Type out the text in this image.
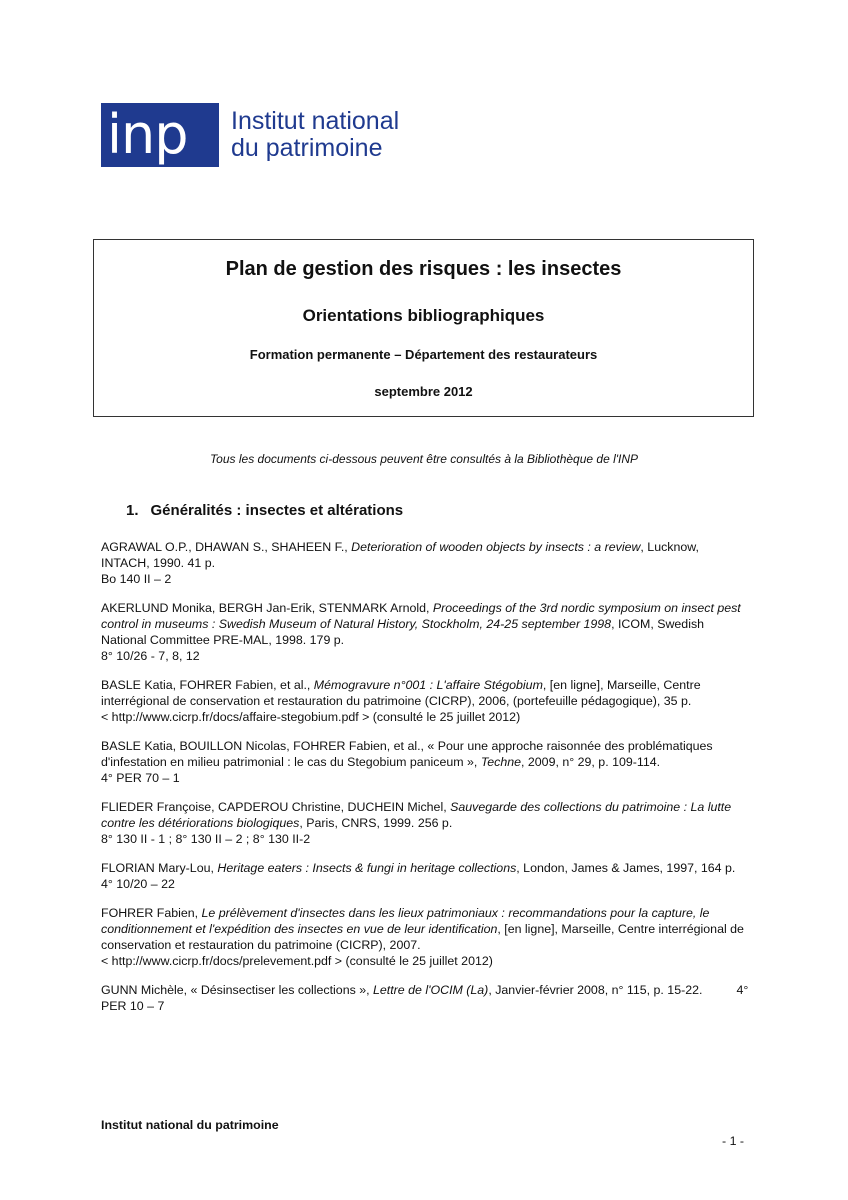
inp	Institut national
du patrimoine
Plan de gestion des risques : les insectes
Orientations bibliographiques
Formation permanente – Département des restaurateurs
septembre 2012
Tous les documents ci-dessous peuvent être consultés à la Bibliothèque de l'INP
1. Généralités : insectes et altérations
AGRAWAL O.P., DHAWAN S., SHAHEEN F., Deterioration of wooden objects by insects : a review, Lucknow, INTACH, 1990. 41 p.
Bo 140 II – 2
AKERLUND Monika, BERGH Jan-Erik, STENMARK Arnold, Proceedings of the 3rd nordic symposium on insect pest control in museums : Swedish Museum of Natural History, Stockholm, 24-25 september 1998, ICOM, Swedish National Committee PRE-MAL, 1998. 179 p.
8° 10/26 - 7, 8, 12
BASLE Katia, FOHRER Fabien, et al., Mémogravure n°001 : L'affaire Stégobium, [en ligne], Marseille, Centre interrégional de conservation et restauration du patrimoine (CICRP), 2006, (portefeuille pédagogique), 35 p.
< http://www.cicrp.fr/docs/affaire-stegobium.pdf > (consulté le 25 juillet 2012)
BASLE Katia, BOUILLON Nicolas, FOHRER Fabien, et al., « Pour une approche raisonnée des problématiques d'infestation en milieu patrimonial : le cas du Stegobium paniceum », Techne, 2009, n° 29, p. 109-114.
4° PER 70 – 1
FLIEDER Françoise, CAPDEROU Christine, DUCHEIN Michel, Sauvegarde des collections du patrimoine : La lutte contre les détériorations biologiques, Paris, CNRS, 1999. 256 p.
8° 130 II - 1 ; 8° 130 II – 2 ; 8° 130 II-2
FLORIAN Mary-Lou, Heritage eaters : Insects & fungi in heritage collections, London, James & James, 1997, 164 p.
4° 10/20 – 22
FOHRER Fabien, Le prélèvement d'insectes dans les lieux patrimoniaux : recommandations pour la capture, le conditionnement et l'expédition des insectes en vue de leur identification, [en ligne], Marseille, Centre interrégional de conservation et restauration du patrimoine (CICRP), 2007.
< http://www.cicrp.fr/docs/prelevement.pdf > (consulté le 25 juillet 2012)
GUNN Michèle, « Désinsectiser les collections », Lettre de l'OCIM (La), Janvier-février 2008, n° 115, p. 15-22.	4° PER 10 – 7
Institut national du patrimoine
- 1 -
